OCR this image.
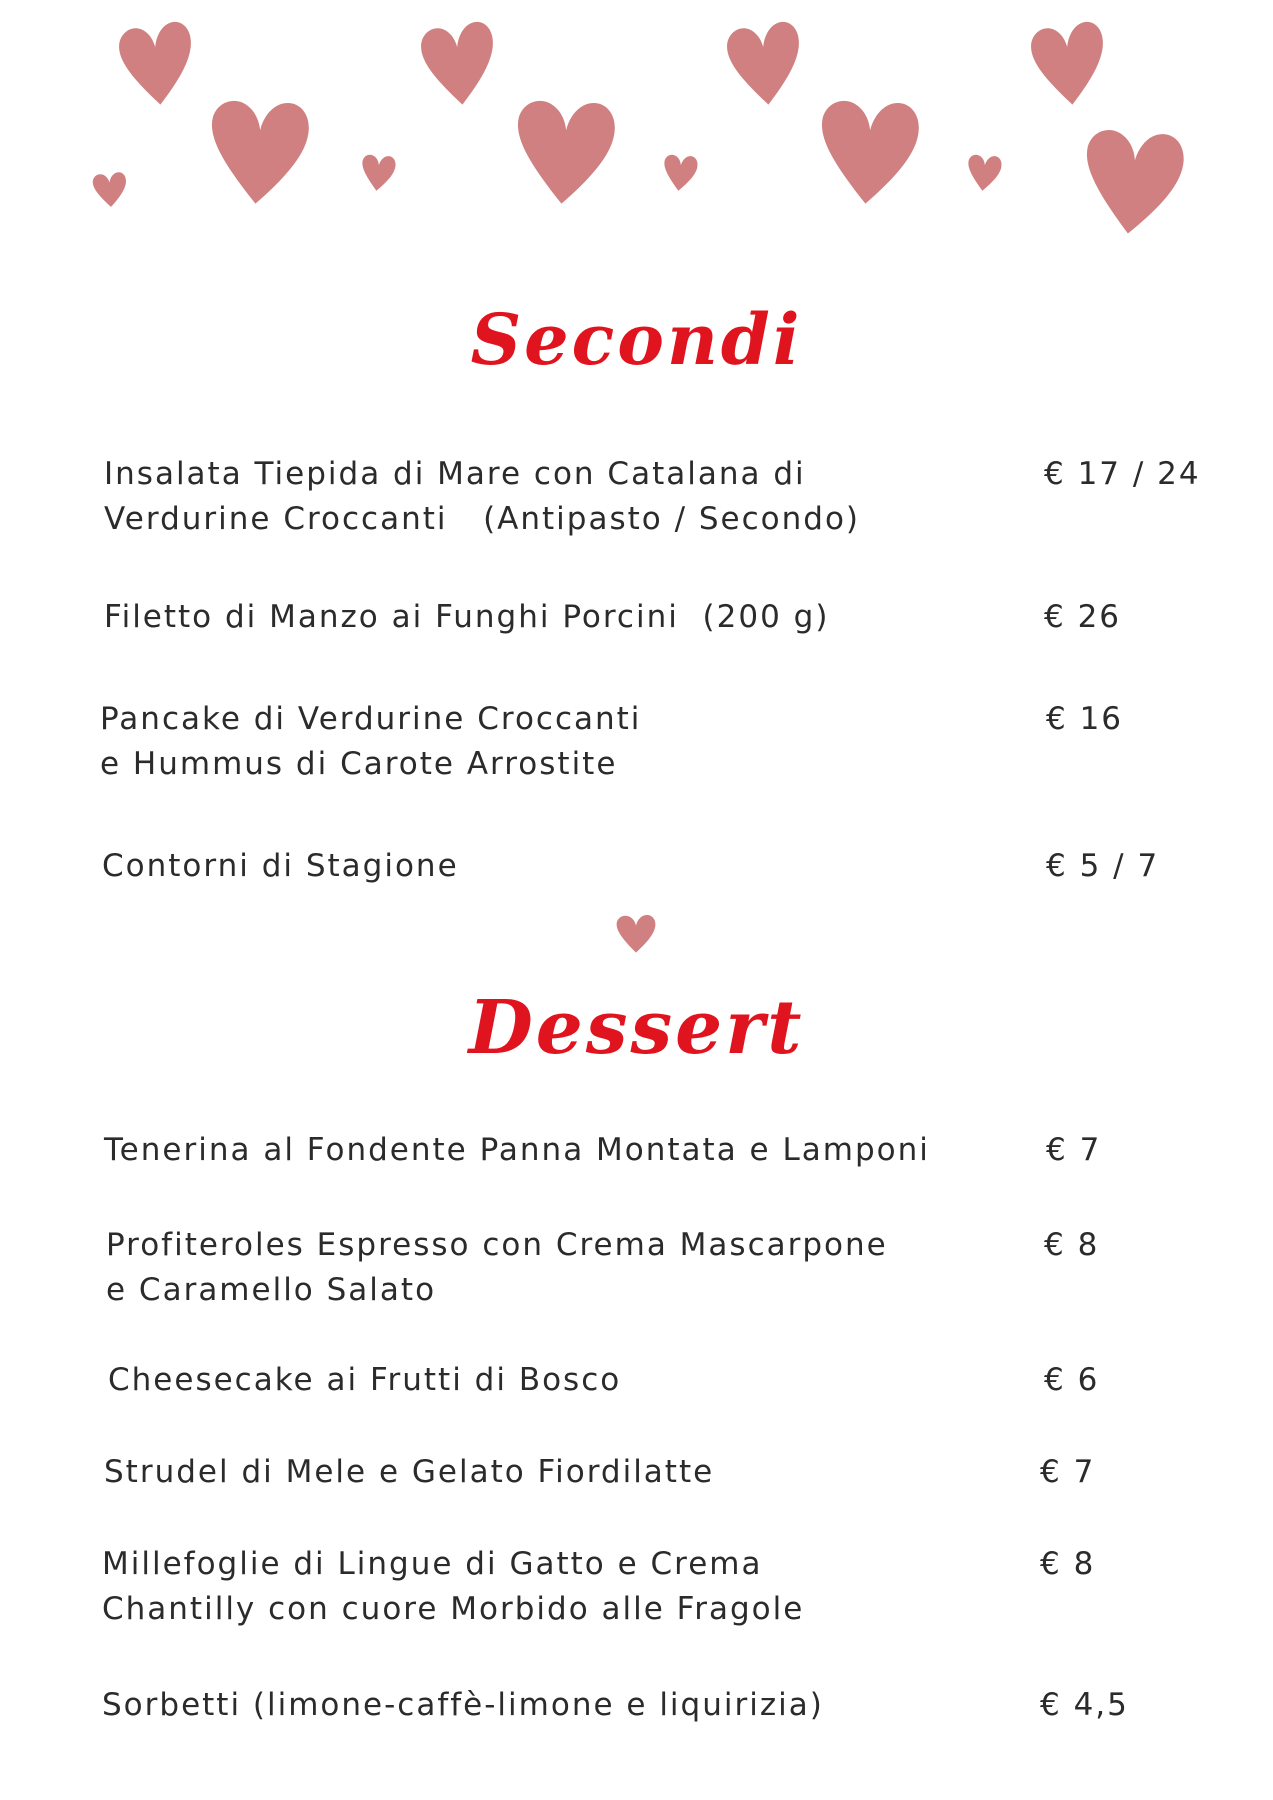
Secondi
Insalata Tiepida di Mare con Catalana di
Verdurine Croccanti   (Antipasto / Secondo)
€ 17 / 24
Filetto di Manzo ai Funghi Porcini  (200 g)	€ 26
Pancake di Verdurine Croccanti
e Hummus di Carote Arrostite
€ 16
Contorni di Stagione	€ 5 / 7
Dessert
Tenerina al Fondente Panna Montata e Lamponi	€ 7
Profiteroles Espresso con Crema Mascarpone
e Caramello Salato
€ 8
Cheesecake ai Frutti di Bosco	€ 6
Strudel di Mele e Gelato Fiordilatte	€ 7
Millefoglie di Lingue di Gatto e Crema
Chantilly con cuore Morbido alle Fragole
€ 8
Sorbetti (limone-caffè-limone e liquirizia)	€ 4,5
